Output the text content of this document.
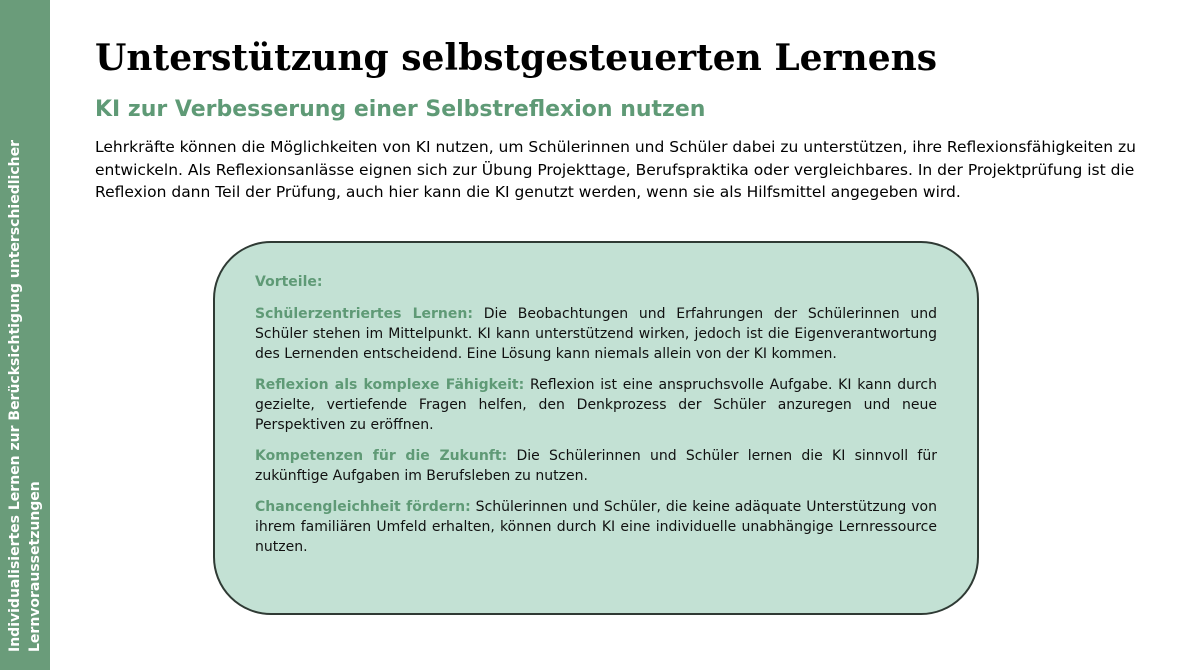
Individualisiertes Lernen zur Berücksichtigung unterschiedlicher Lernvoraussetzungen
Unterstützung selbstgesteuerten Lernens
KI zur Verbesserung einer Selbstreflexion nutzen

Lehrkräfte können die Möglichkeiten von KI nutzen, um Schülerinnen und Schüler dabei zu unterstützen, ihre Reflexionsfähigkeiten zu entwickeln. Als Reflexionsanlässe eignen sich zur Übung Projekttage, Berufspraktika oder vergleichbares. In der Projektprüfung ist die Reflexion dann Teil der Prüfung, auch hier kann die KI genutzt werden, wenn sie als Hilfsmittel angegeben wird.

Vorteile:

Schülerzentriertes Lernen: Die Beobachtungen und Erfahrungen der Schülerinnen und Schüler stehen im Mittelpunkt. KI kann unterstützend wirken, jedoch ist die Eigenverantwortung des Lernenden entscheidend. Eine Lösung kann niemals allein von der KI kommen.

Reflexion als komplexe Fähigkeit: Reflexion ist eine anspruchsvolle Aufgabe. KI kann durch gezielte, vertiefende Fragen helfen, den Denkprozess der Schüler anzuregen und neue Perspektiven zu eröffnen.

Kompetenzen für die Zukunft: Die Schülerinnen und Schüler lernen die KI sinnvoll für zukünftige Aufgaben im Berufsleben zu nutzen.

Chancengleichheit fördern: Schülerinnen und Schüler, die keine adäquate Unterstützung von ihrem familiären Umfeld erhalten, können durch KI eine individuelle unabhängige Lernressource nutzen.
